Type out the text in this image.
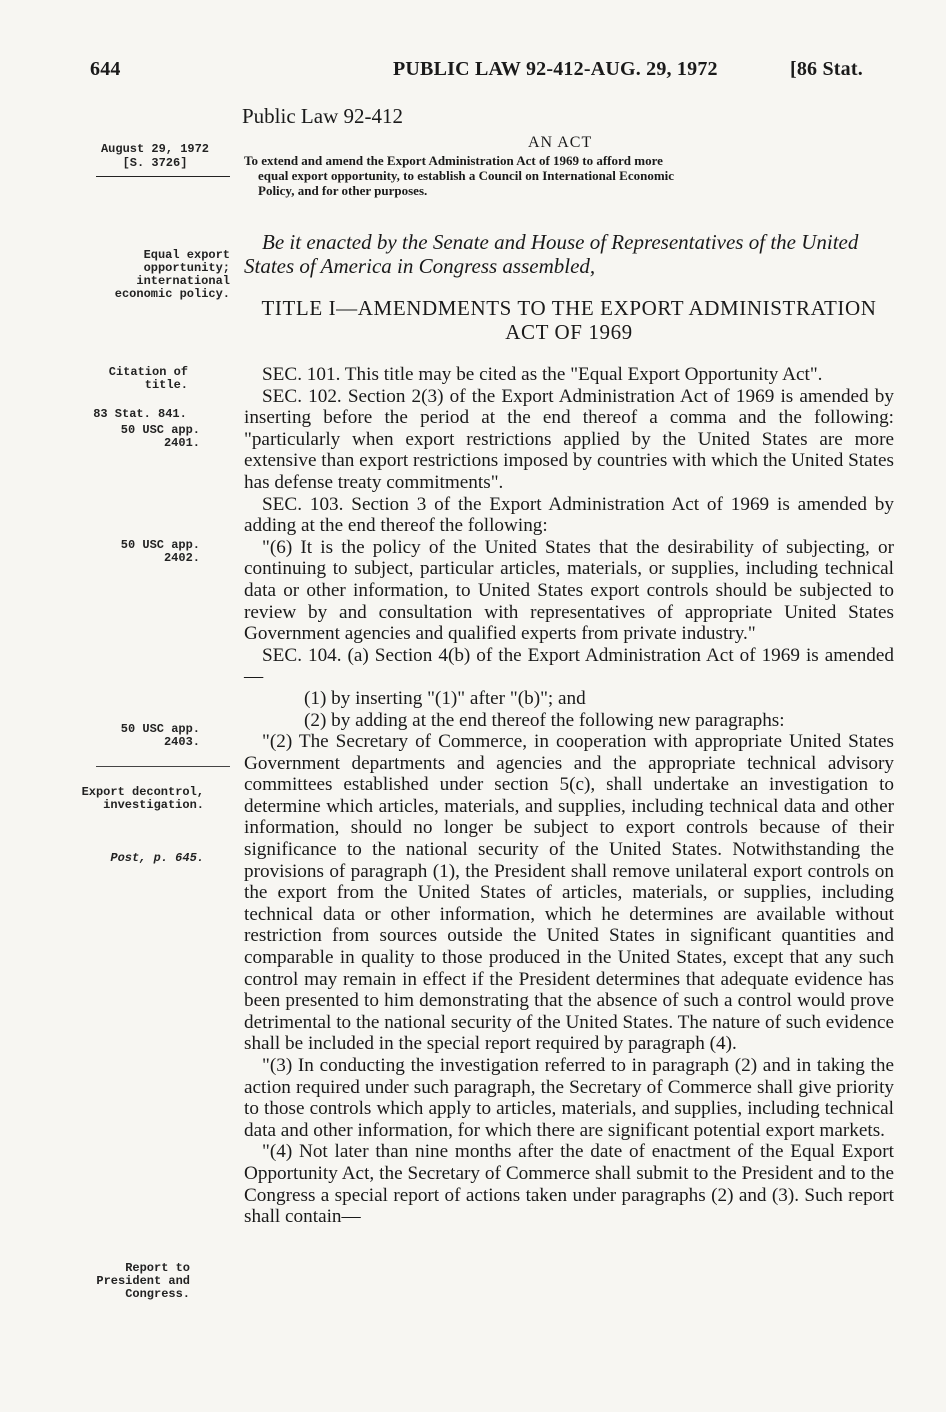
644	PUBLIC LAW 92-412-AUG. 29, 1972	[86 Stat.
Public Law 92-412
August 29, 1972
[S. 3726]
Equal export opportunity; international economic policy.
Citation of title.
83 Stat. 841.
50 USC app. 2401.
50 USC app. 2402.
50 USC app. 2403.
Export decontrol, investigation.
Post, p. 645.
Report to President and Congress.
AN ACT
To extend and amend the Export Administration Act of 1969 to afford more
equal export opportunity, to establish a Council on International Economic
Policy, and for other purposes.
Be it enacted by the Senate and House of Representatives of the United States of America in Congress assembled,
TITLE I—AMENDMENTS TO THE EXPORT ADMINISTRATION ACT OF 1969

SEC. 101. This title may be cited as the "Equal Export Opportunity Act".

SEC. 102. Section 2(3) of the Export Administration Act of 1969 is amended by inserting before the period at the end thereof a comma and the following: "particularly when export restrictions applied by the United States are more extensive than export restrictions imposed by countries with which the United States has defense treaty commitments".

SEC. 103. Section 3 of the Export Administration Act of 1969 is amended by adding at the end thereof the following:

"(6) It is the policy of the United States that the desirability of subjecting, or continuing to subject, particular articles, materials, or supplies, including technical data or other information, to United States export controls should be subjected to review by and consultation with representatives of appropriate United States Government agencies and qualified experts from private industry."

SEC. 104. (a) Section 4(b) of the Export Administration Act of 1969 is amended—

(1) by inserting "(1)" after "(b)"; and

(2) by adding at the end thereof the following new paragraphs:

"(2) The Secretary of Commerce, in cooperation with appropriate United States Government departments and agencies and the appropriate technical advisory committees established under section 5(c), shall undertake an investigation to determine which articles, materials, and supplies, including technical data and other information, should no longer be subject to export controls because of their significance to the national security of the United States. Notwithstanding the provisions of paragraph (1), the President shall remove unilateral export controls on the export from the United States of articles, materials, or supplies, including technical data or other information, which he determines are available without restriction from sources outside the United States in significant quantities and comparable in quality to those produced in the United States, except that any such control may remain in effect if the President determines that adequate evidence has been presented to him demonstrating that the absence of such a control would prove detrimental to the national security of the United States. The nature of such evidence shall be included in the special report required by paragraph (4).

"(3) In conducting the investigation referred to in paragraph (2) and in taking the action required under such paragraph, the Secretary of Commerce shall give priority to those controls which apply to articles, materials, and supplies, including technical data and other information, for which there are significant potential export markets.

"(4) Not later than nine months after the date of enactment of the Equal Export Opportunity Act, the Secretary of Commerce shall submit to the President and to the Congress a special report of actions taken under paragraphs (2) and (3). Such report shall contain—
